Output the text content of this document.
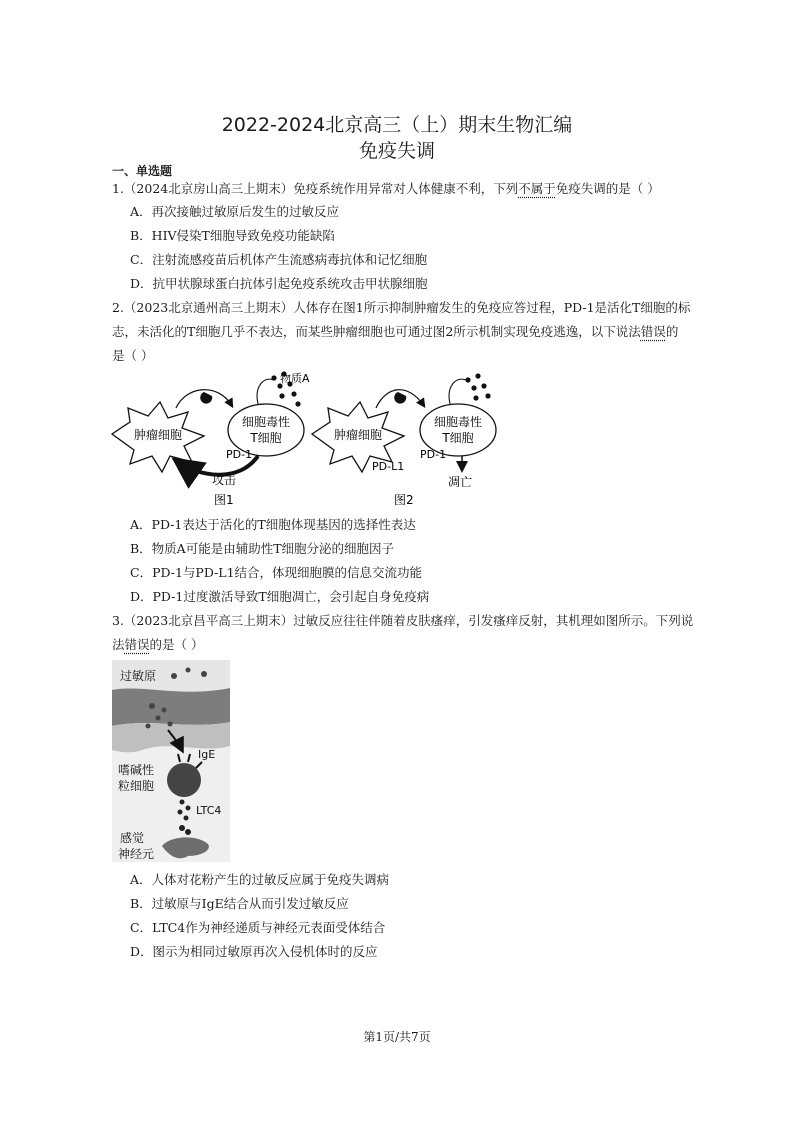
2022-2024北京高三（上）期末生物汇编
免疫失调
一、单选题
1.（2024北京房山高三上期末）免疫系统作用异常对人体健康不利，下列不属于免疫失调的是（ ）
A．再次接触过敏原后发生的过敏反应
B．HIV侵染T细胞导致免疫功能缺陷
C．注射流感疫苗后机体产生流感病毒抗体和记忆细胞
D．抗甲状腺球蛋白抗体引起免疫系统攻击甲状腺细胞
2.（2023北京通州高三上期末）人体存在图1所示抑制肿瘤发生的免疫应答过程，PD-1是活化T细胞的标
志，未活化的T细胞几乎不表达，而某些肿瘤细胞也可通过图2所示机制实现免疫逃逸，以下说法错误的
是（ ）
肿瘤细胞
细胞毒性
T细胞
物质A
PD-1
攻击
图1
肿瘤细胞
细胞毒性
T细胞
PD-L1
PD-1
凋亡
图2
A．PD-1表达于活化的T细胞体现基因的选择性表达
B．物质A可能是由辅助性T细胞分泌的细胞因子
C．PD-1与PD-L1结合，体现细胞膜的信息交流功能
D．PD-1过度激活导致T细胞凋亡，会引起自身免疫病
3.（2023北京昌平高三上期末）过敏反应往往伴随着皮肤瘙痒，引发瘙痒反射，其机理如图所示。下列说
法错误的是（ ）
过敏原
IgE
嗜碱性
粒细胞
LTC4
感觉
神经元
A．人体对花粉产生的过敏反应属于免疫失调病
B．过敏原与IgE结合从而引发过敏反应
C．LTC4作为神经递质与神经元表面受体结合
D．图示为相同过敏原再次入侵机体时的反应
第1页/共7页
